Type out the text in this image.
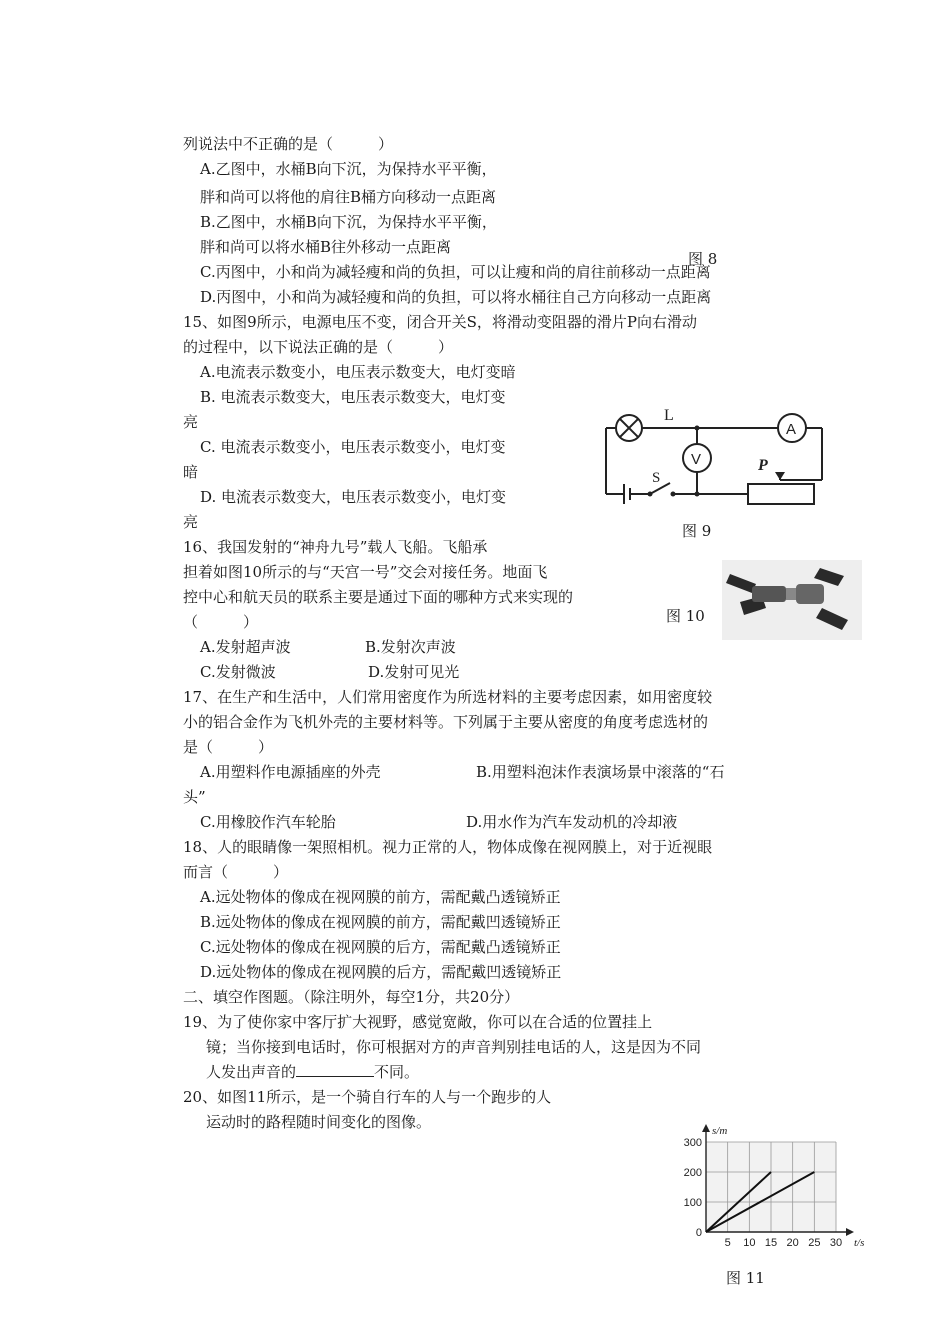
列说法中不正确的是（　　　）
A.乙图中，水桶B向下沉，为保持水平平衡，
胖和尚可以将他的肩往B桶方向移动一点距离
B.乙图中，水桶B向下沉，为保持水平平衡，
胖和尚可以将水桶B往外移动一点距离
图 8
C.丙图中，小和尚为减轻瘦和尚的负担，可以让瘦和尚的肩往前移动一点距离
D.丙图中，小和尚为减轻瘦和尚的负担，可以将水桶往自己方向移动一点距离
15、如图9所示，电源电压不变，闭合开关S，将滑动变阻器的滑片P向右滑动
的过程中，以下说法正确的是（　　　）
A.电流表示数变小，电压表示数变大，电灯变暗
B. 电流表示数变大，电压表示数变大，电灯变
亮
C. 电流表示数变小，电压表示数变小，电灯变
暗
D. 电流表示数变大，电压表示数变小，电灯变
亮
L
A
V
S
P
图 9
16、我国发射的“神舟九号”载人飞船。飞船承
担着如图10所示的与“天宫一号”交会对接任务。地面飞
控中心和航天员的联系主要是通过下面的哪种方式来实现的
（　　　）
A.发射超声波	B.发射次声波
C.发射微波	D.发射可见光
图 10
17、在生产和生活中，人们常用密度作为所选材料的主要考虑因素，如用密度较
小的铝合金作为飞机外壳的主要材料等。下列属于主要从密度的角度考虑选材的
是（　　　）
A.用塑料作电源插座的外壳	B.用塑料泡沫作表演场景中滚落的“石
头”
C.用橡胶作汽车轮胎	D.用水作为汽车发动机的冷却液
18、人的眼睛像一架照相机。视力正常的人，物体成像在视网膜上，对于近视眼
而言（　　　）
A.远处物体的像成在视网膜的前方，需配戴凸透镜矫正
B.远处物体的像成在视网膜的前方，需配戴凹透镜矫正
C.远处物体的像成在视网膜的后方，需配戴凸透镜矫正
D.远处物体的像成在视网膜的后方，需配戴凹透镜矫正
二、填空作图题。（除注明外，每空1分，共20分）
19、为了使你家中客厅扩大视野，感觉宽敞，你可以在合适的位置挂上
镜；当你接到电话时，你可根据对方的声音判别挂电话的人，这是因为不同
人发出声音的	不同。
20、如图11所示，是一个骑自行车的人与一个跑步的人
运动时的路程随时间变化的图像。
5 10 15 20 25 30
0
100
200
300
t/s
s/m
图 11
